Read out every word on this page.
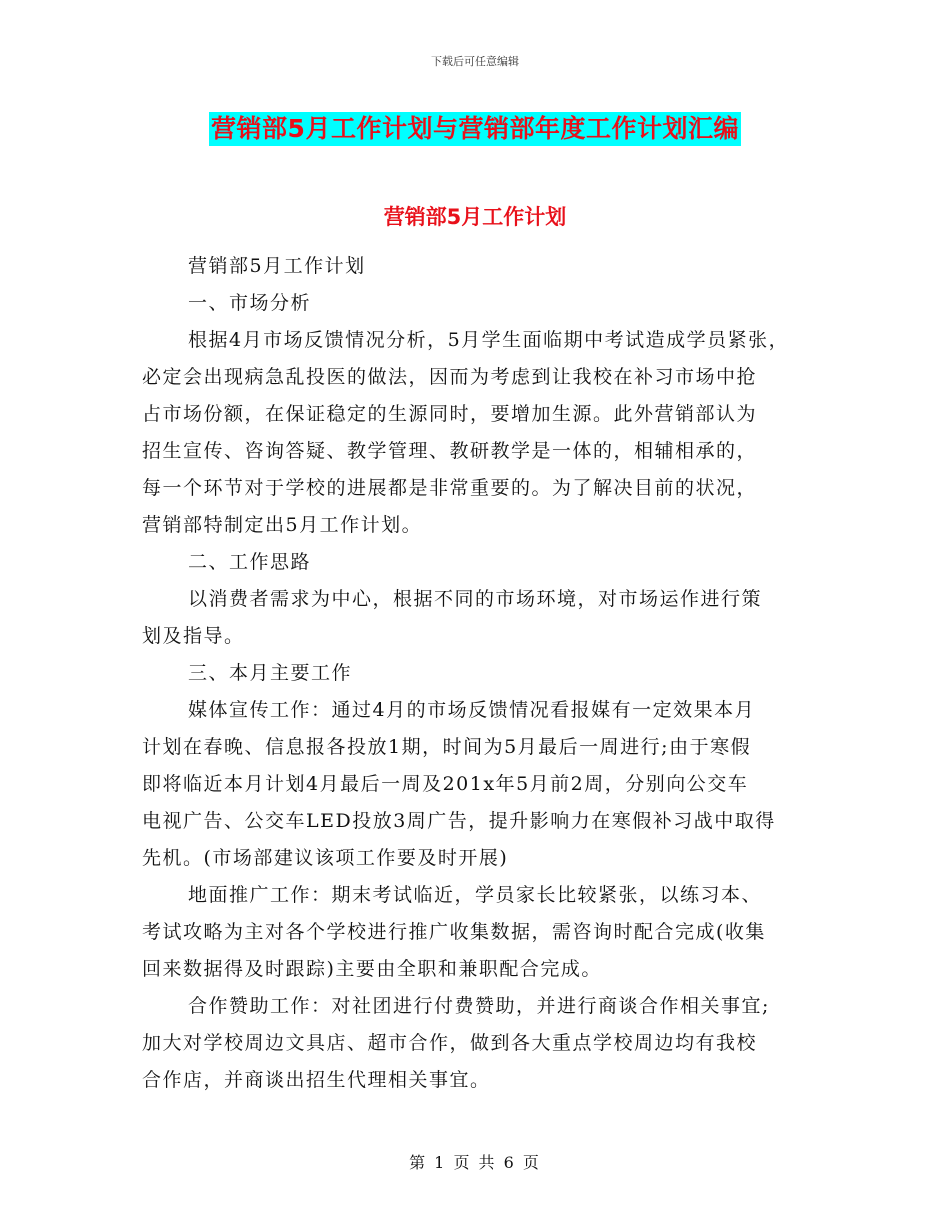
下载后可任意编辑
营销部5月工作计划与营销部年度工作计划汇编
营销部5月工作计划
营销部5月工作计划
一、市场分析
根据4月市场反馈情况分析，5月学生面临期中考试造成学员紧张，
必定会出现病急乱投医的做法，因而为考虑到让我校在补习市场中抢
占市场份额，在保证稳定的生源同时，要增加生源。此外营销部认为
招生宣传、咨询答疑、教学管理、教研教学是一体的，相辅相承的，
每一个环节对于学校的进展都是非常重要的。为了解决目前的状况，
营销部特制定出5月工作计划。
二、工作思路
以消费者需求为中心，根据不同的市场环境，对市场运作进行策
划及指导。
三、本月主要工作
媒体宣传工作：通过4月的市场反馈情况看报媒有一定效果本月
计划在春晚、信息报各投放1期，时间为5月最后一周进行;由于寒假
即将临近本月计划4月最后一周及201x年5月前2周，分别向公交车
电视广告、公交车LED投放3周广告，提升影响力在寒假补习战中取得
先机。(市场部建议该项工作要及时开展)
地面推广工作：期末考试临近，学员家长比较紧张，以练习本、
考试攻略为主对各个学校进行推广收集数据，需咨询时配合完成(收集
回来数据得及时跟踪)主要由全职和兼职配合完成。
合作赞助工作：对社团进行付费赞助，并进行商谈合作相关事宜;
加大对学校周边文具店、超市合作，做到各大重点学校周边均有我校
合作店，并商谈出招生代理相关事宜。
第 1 页 共 6 页
